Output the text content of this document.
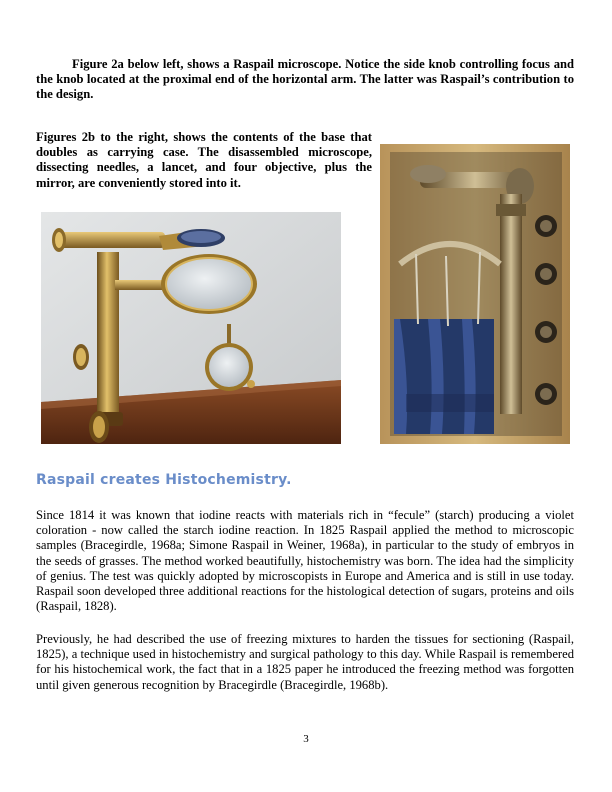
Figure 2a below left, shows a Raspail microscope. Notice the side knob controlling focus and the knob located at the proximal end of the horizontal arm. The latter was Raspail’s contribution to the design.

Figures 2b to the right, shows the contents of the base that doubles as carrying case. The disassembled microscope, dissecting needles, a lancet, and four objective, plus the mirror, are conveniently stored into it.

Raspail creates Histochemistry.

Since 1814 it was known that iodine reacts with materials rich in “fecule” (starch) producing a violet coloration - now called the starch iodine reaction. In 1825 Raspail applied the method to microscopic samples (Bracegirdle, 1968a; Simone Raspail in Weiner, 1968a), in particular to the study of embryos in the seeds of grasses. The method worked beautifully, histochemistry was born. The idea had the simplicity of genius. The test was quickly adopted by microscopists in Europe and America and is still in use today. Raspail soon developed three additional reactions for the histological detection of sugars, proteins and oils (Raspail, 1828).

Previously, he had described the use of freezing mixtures to harden the tissues for sectioning (Raspail, 1825), a technique used in histochemistry and surgical pathology to this day. While Raspail is remembered for his histochemical work, the fact that in a 1825 paper he introduced the freezing method was forgotten until given generous recognition by Bracegirdle (Bracegirdle, 1968b).

3
